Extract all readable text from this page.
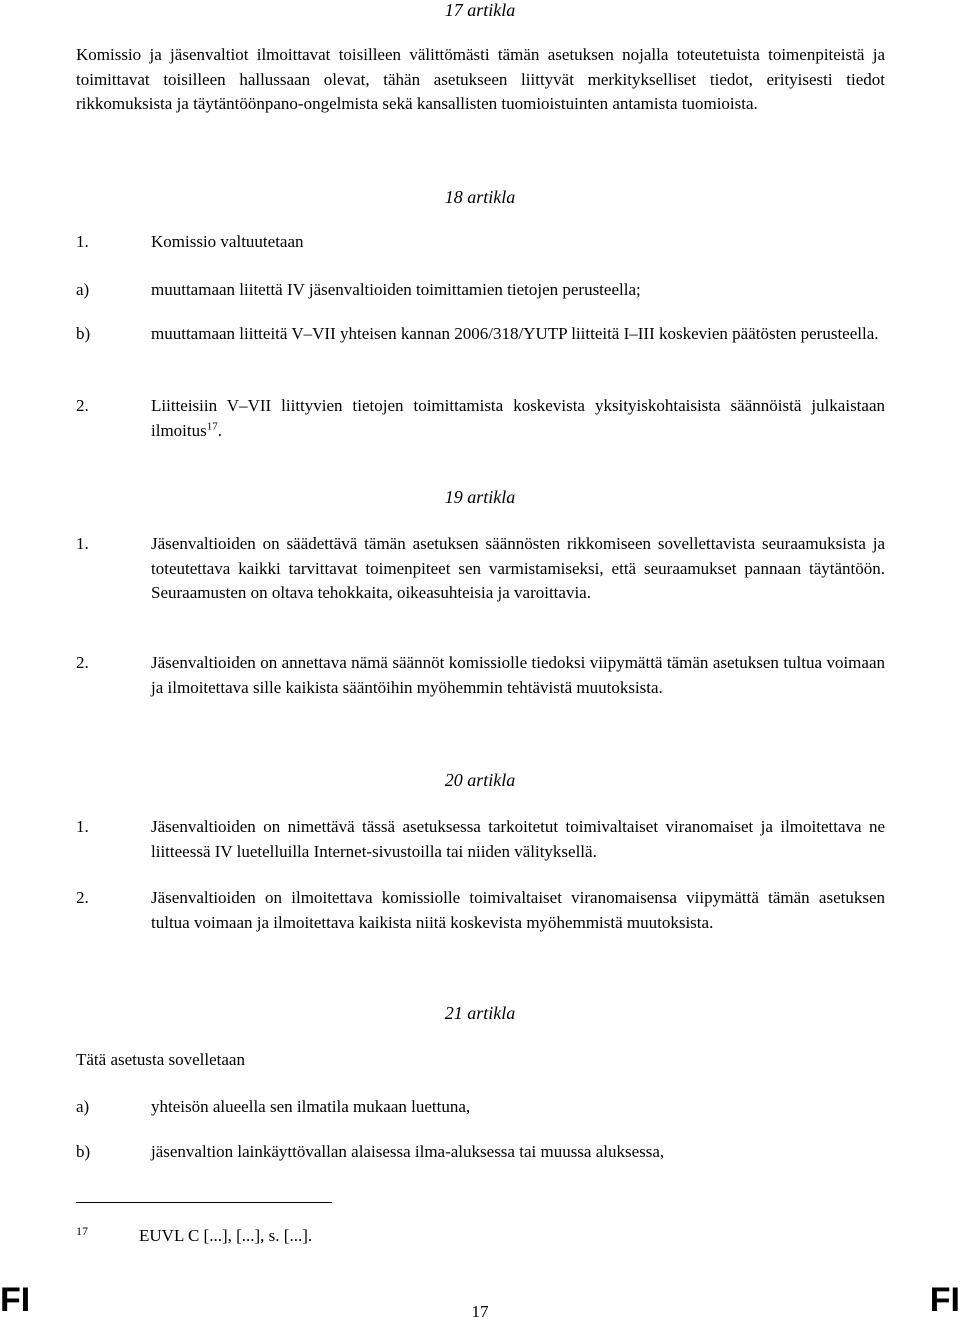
17 artikla
Komissio ja jäsenvaltiot ilmoittavat toisilleen välittömästi tämän asetuksen nojalla toteutetuista toimenpiteistä ja toimittavat toisilleen hallussaan olevat, tähän asetukseen liittyvät merkitykselliset tiedot, erityisesti tiedot rikkomuksista ja täytäntöönpano-ongelmista sekä kansallisten tuomioistuinten antamista tuomioista.
18 artikla
1.	Komissio valtuutetaan
a)	muuttamaan liitettä IV jäsenvaltioiden toimittamien tietojen perusteella;
b)	muuttamaan liitteitä V–VII yhteisen kannan 2006/318/YUTP liitteitä I–III koskevien päätösten perusteella.
2.	Liitteisiin V–VII liittyvien tietojen toimittamista koskevista yksityiskohtaisista säännöistä julkaistaan ilmoitus$^{17}$.
19 artikla
1.	Jäsenvaltioiden on säädettävä tämän asetuksen säännösten rikkomiseen sovellettavista seuraamuksista ja toteutettava kaikki tarvittavat toimenpiteet sen varmistamiseksi, että seuraamukset pannaan täytäntöön. Seuraamusten on oltava tehokkaita, oikeasuhteisia ja varoittavia.
2.	Jäsenvaltioiden on annettava nämä säännöt komissiolle tiedoksi viipymättä tämän asetuksen tultua voimaan ja ilmoitettava sille kaikista sääntöihin myöhemmin tehtävistä muutoksista.
20 artikla
1.	Jäsenvaltioiden on nimettävä tässä asetuksessa tarkoitetut toimivaltaiset viranomaiset ja ilmoitettava ne liitteessä IV luetelluilla Internet-sivustoilla tai niiden välityksellä.
2.	Jäsenvaltioiden on ilmoitettava komissiolle toimivaltaiset viranomaisensa viipymättä tämän asetuksen tultua voimaan ja ilmoitettava kaikista niitä koskevista myöhemmistä muutoksista.
21 artikla
Tätä asetusta sovelletaan
a)	yhteisön alueella sen ilmatila mukaan luettuna,
b)	jäsenvaltion lainkäyttövallan alaisessa ilma-aluksessa tai muussa aluksessa,
17	EUVL C [...], [...], s. [...].
FI	17	FI
